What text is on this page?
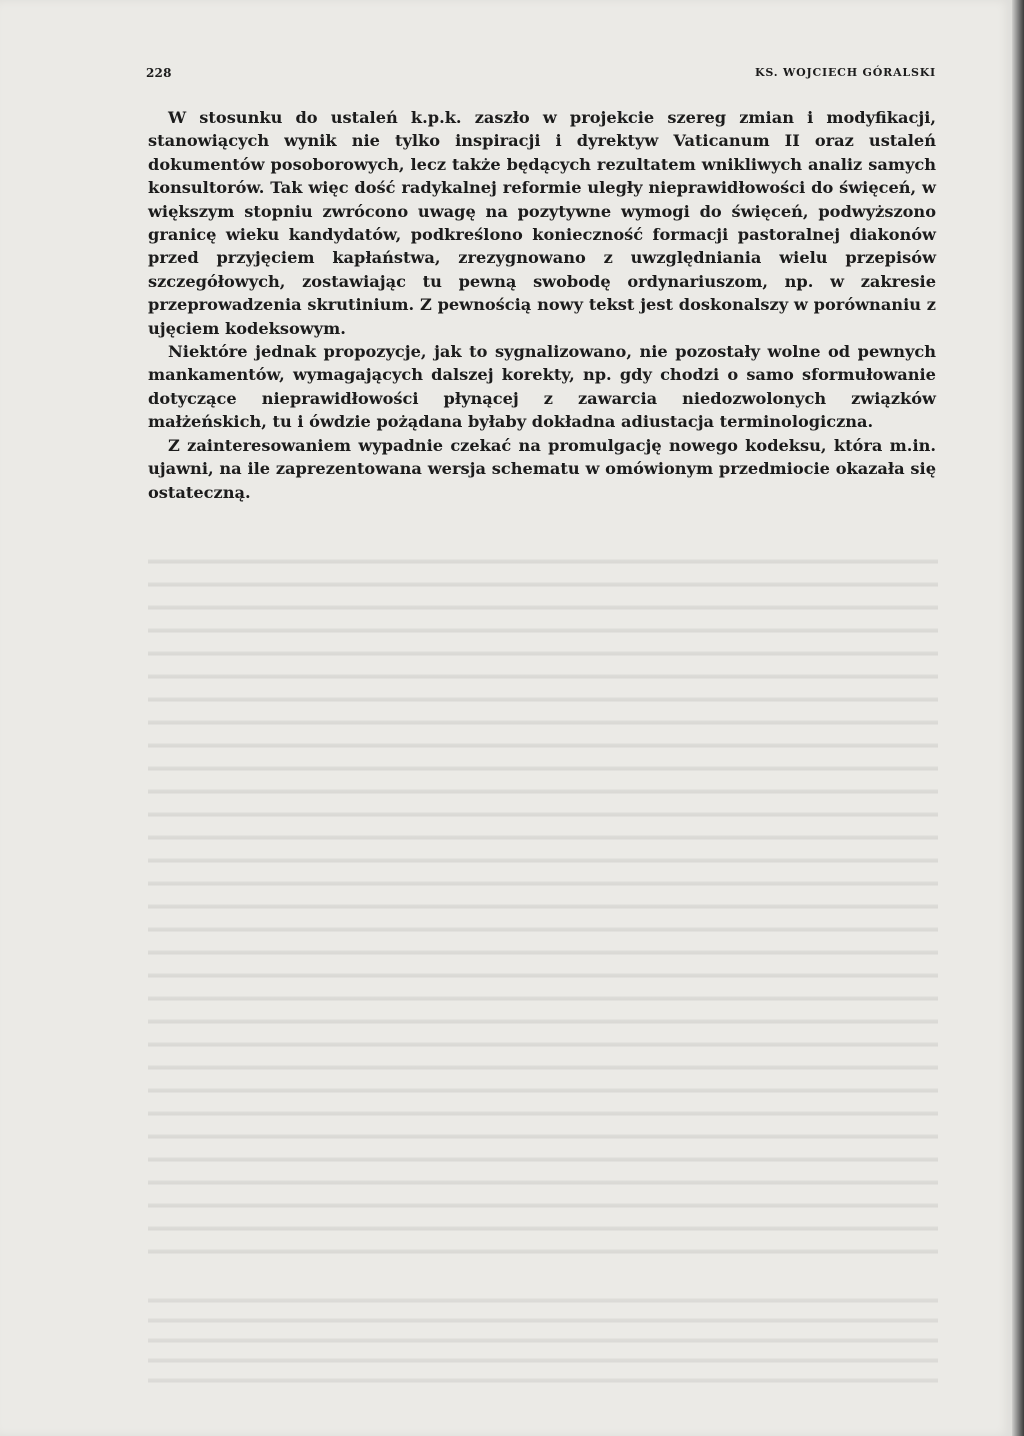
228	KS. WOJCIECH GÓRALSKI

W stosunku do ustaleń k.p.k. zaszło w projekcie szereg zmian i modyfikacji, stanowiących wynik nie tylko inspiracji i dyrektyw Vaticanum II oraz ustaleń dokumentów posoborowych, lecz także będących rezultatem wnikliwych analiz samych konsultorów. Tak więc dość radykalnej reformie uległy nieprawidłowości do święceń, w większym stopniu zwrócono uwagę na pozytywne wymogi do święceń, podwyższono granicę wieku kandydatów, podkreślono konieczność formacji pastoralnej diakonów przed przyjęciem kapłaństwa, zrezygnowano z uwzględniania wielu przepisów szczegółowych, zostawiając tu pewną swobodę ordynariuszom, np. w zakresie przeprowadzenia skrutinium. Z pewnością nowy tekst jest doskonalszy w porównaniu z ujęciem kodeksowym.

Niektóre jednak propozycje, jak to sygnalizowano, nie pozostały wolne od pewnych mankamentów, wymagających dalszej korekty, np. gdy chodzi o samo sformułowanie dotyczące nieprawidłowości płynącej z zawarcia niedozwolonych związków małżeńskich, tu i ówdzie pożądana byłaby dokładna adiustacja terminologiczna.

Z zainteresowaniem wypadnie czekać na promulgację nowego kodeksu, która m.in. ujawni, na ile zaprezentowana wersja schematu w omówionym przedmiocie okazała się ostateczną.
